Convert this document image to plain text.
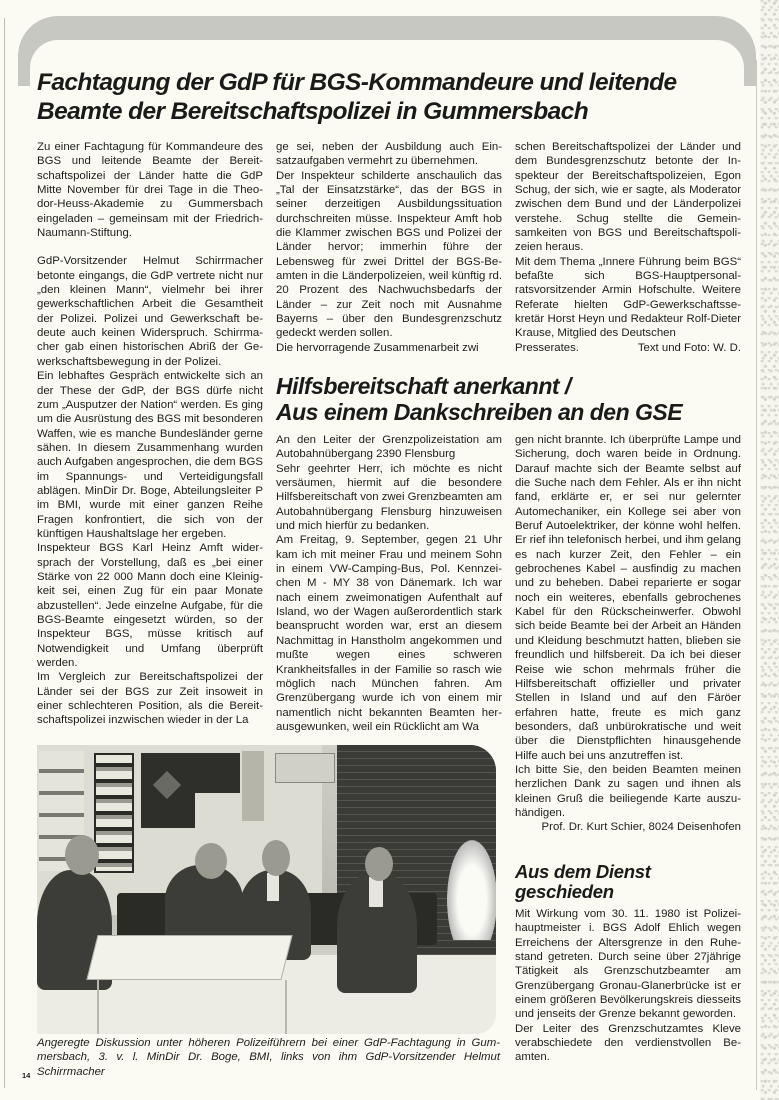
Fachtagung der GdP für BGS-Kommandeure und leitende Beamte der Bereitschaftspolizei in Gummersbach

Zu einer Fachtagung für Kommandeure des BGS und leitende Beamte der Bereitschaftspolizei der Länder hatte die GdP Mitte November für drei Tage in die Theodor-Heuss-Akademie zu Gummersbach eingeladen – gemeinsam mit der Friedrich-Naumann-Stiftung.

GdP-Vorsitzender Helmut Schirrmacher betonte eingangs, die GdP vertrete nicht nur „den kleinen Mann“, vielmehr bei ihrer gewerkschaftlichen Arbeit die Gesamtheit der Polizei. Polizei und Gewerkschaft bedeute auch keinen Widerspruch. Schirrmacher gab einen historischen Abriß der Gewerkschaftsbewegung in der Polizei.

Ein lebhaftes Gespräch entwickelte sich an der These der GdP, der BGS dürfe nicht zum „Ausputzer der Nation“ werden. Es ging um die Ausrüstung des BGS mit besonderen Waffen, wie es manche Bundesländer gerne sähen. In diesem Zusammenhang wurden auch Aufgaben angesprochen, die dem BGS im Spannungs- und Verteidigungsfall ablägen. MinDir Dr. Boge, Abteilungsleiter P im BMI, wurde mit einer ganzen Reihe Fragen konfrontiert, die sich von der künftigen Haushaltslage her ergeben.

Inspekteur BGS Karl Heinz Amft widersprach der Vorstellung, daß es „bei einer Stärke von 22 000 Mann doch eine Kleinigkeit sei, einen Zug für ein paar Monate abzustellen“. Jede einzelne Aufgabe, für die BGS-Beamte eingesetzt würden, so der Inspekteur BGS, müsse kritisch auf Notwendigkeit und Umfang überprüft werden.

Im Vergleich zur Bereitschaftspolizei der Länder sei der BGS zur Zeit insoweit in einer schlechteren Position, als die Bereitschaftspolizei inzwischen wieder in der La

ge sei, neben der Ausbildung auch Einsatzaufgaben vermehrt zu übernehmen.

Der Inspekteur schilderte anschaulich das „Tal der Einsatzstärke“, das der BGS in seiner derzeitigen Ausbildungssituation durchschreiten müsse. Inspekteur Amft hob die Klammer zwischen BGS und Polizei der Länder hervor; immerhin führe der Lebensweg für zwei Drittel der BGS-Beamten in die Länderpolizeien, weil künftig rd. 20 Prozent des Nachwuchsbedarfs der Länder – zur Zeit noch mit Ausnahme Bayerns – über den Bundesgrenzschutz gedeckt werden sollen.

Die hervorragende Zusammenarbeit zwi

schen Bereitschaftspolizei der Länder und dem Bundesgrenzschutz betonte der Inspekteur der Bereitschaftspolizeien, Egon Schug, der sich, wie er sagte, als Moderator zwischen dem Bund und der Länderpolizei verstehe. Schug stellte die Gemeinsamkeiten von BGS und Bereitschaftspolizeien heraus.

Mit dem Thema „Innere Führung beim BGS“ befaßte sich BGS-Hauptpersonalratsvorsitzender Armin Hofschulte. Weitere Referate hielten GdP-Gewerkschaftssekretär Horst Heyn und Redakteur Rolf-Dieter Krause, Mitglied des Deutschen

Presserates.	Text und Foto: W. D.
Hilfsbereitschaft anerkannt /
Aus einem Dankschreiben an den GSE

An den Leiter der Grenzpolizeistation am Autobahnübergang 2390 Flensburg

Sehr geehrter Herr, ich möchte es nicht versäumen, hiermit auf die besondere Hilfsbereitschaft von zwei Grenzbeamten am Autobahnübergang Flensburg hinzuweisen und mich hierfür zu bedanken.

Am Freitag, 9. September, gegen 21 Uhr kam ich mit meiner Frau und meinem Sohn in einem VW-Camping-Bus, Pol. Kennzeichen M - MY 38 von Dänemark. Ich war nach einem zweimonatigen Aufenthalt auf Island, wo der Wagen außerordentlich stark beansprucht worden war, erst an diesem Nachmittag in Hanstholm angekommen und mußte wegen eines schweren Krankheitsfalles in der Familie so rasch wie möglich nach München fahren. Am Grenzübergang wurde ich von einem mir namentlich nicht bekannten Beamten herausgewunken, weil ein Rücklicht am Wa

gen nicht brannte. Ich überprüfte Lampe und Sicherung, doch waren beide in Ordnung. Darauf machte sich der Beamte selbst auf die Suche nach dem Fehler. Als er ihn nicht fand, erklärte er, er sei nur gelernter Automechaniker, ein Kollege sei aber von Beruf Autoelektriker, der könne wohl helfen. Er rief ihn telefonisch herbei, und ihm gelang es nach kurzer Zeit, den Fehler – ein gebrochenes Kabel – ausfindig zu machen und zu beheben. Dabei reparierte er sogar noch ein weiteres, ebenfalls gebrochenes Kabel für den Rückscheinwerfer. Obwohl sich beide Beamte bei der Arbeit an Händen und Kleidung beschmutzt hatten, blieben sie freundlich und hilfsbereit. Da ich bei dieser Reise wie schon mehrmals früher die Hilfsbereitschaft offizieller und privater Stellen in Island und auf den Färöer erfahren hatte, freute es mich ganz besonders, daß unbürokratische und weit über die Dienstpflichten hinausgehende Hilfe auch bei uns anzutreffen ist.

Ich bitte Sie, den beiden Beamten meinen herzlichen Dank zu sagen und ihnen als kleinen Gruß die beiliegende Karte auszuhändigen.

Prof. Dr. Kurt Schier, 8024 Deisenhofen

Aus dem Dienst
geschieden

Mit Wirkung vom 30. 11. 1980 ist Polizeihauptmeister i. BGS Adolf Ehlich wegen Erreichens der Altersgrenze in den Ruhestand getreten. Durch seine über 27jährige Tätigkeit als Grenzschutzbeamter am Grenzübergang Gronau-Glanerbrücke ist er einem größeren Bevölkerungskreis diesseits und jenseits der Grenze bekannt geworden.

Der Leiter des Grenzschutzamtes Kleve verabschiedete den verdienstvollen Beamten.

Angeregte Diskussion unter höheren Polizeiführern bei einer GdP-Fachtagung in Gummersbach, 3. v. l. MinDir Dr. Boge, BMI, links von ihm GdP-Vorsitzender Helmut Schirrmacher

14
